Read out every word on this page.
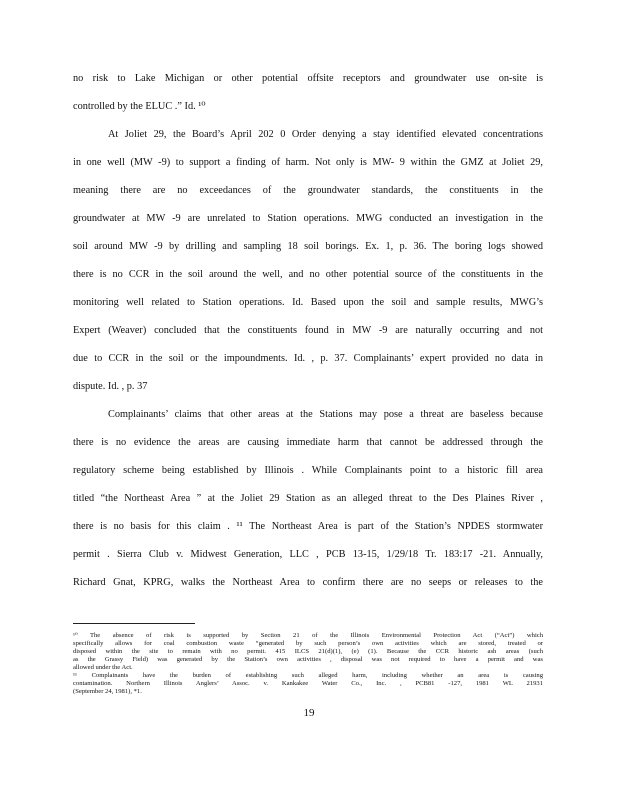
no risk to Lake Michigan or other potential offsite receptors and groundwater use on-site is
controlled by the ELUC .” Id. ¹⁰
At Joliet 29, the Board’s April 202 0 Order denying a stay identified elevated concentrations
in one well (MW -9) to support a finding of harm. Not only is MW- 9 within the GMZ at Joliet 29,
meaning there are no exceedances of the groundwater standards, the constituents in the
groundwater at MW -9 are unrelated to Station operations. MWG conducted an investigation in the
soil around MW -9 by drilling and sampling 18 soil borings. Ex. 1, p. 36. The boring logs showed
there is no CCR in the soil around the well, and no other potential source of the constituents in the
monitoring well related to Station operations. Id. Based upon the soil and sample results, MWG’s
Expert (Weaver) concluded that the constituents found in MW -9 are naturally occurring and not
due to CCR in the soil or the impoundments. Id. , p. 37. Complainants’ expert provided no data in
dispute. Id. , p. 37
Complainants’ claims that other areas at the Stations may pose a threat are baseless because
there is no evidence the areas are causing immediate harm that cannot be addressed through the
regulatory scheme being established by Illinois . While Complainants point to a historic fill area
titled “the Northeast Area ” at the Joliet 29 Station as an alleged threat to the Des Plaines River ,
there is no basis for this claim . ¹¹ The Northeast Area is part of the Station’s NPDES stormwater
permit . Sierra Club v. Midwest Generation, LLC , PCB 13-15, 1/29/18 Tr. 183:17 -21. Annually,
Richard Gnat, KPRG, walks the Northeast Area to confirm there are no seeps or releases to the
¹⁰ The absence of risk is supported by Section 21 of the Illinois Environmental Protection Act (“Act”) which
specifically allows for coal combustion waste “generated by such person’s own activities which are stored, treated or
disposed within the site to remain with no permit. 415 ILCS 21(d)(1), (e) (1). Because the CCR historic ash areas (such
as the Grassy Field) was generated by the Station’s own activities , disposal was not required to have a permit and was
allowed under the Act.
¹¹ Complainants have the burden of establishing such alleged harm, including whether an area is causing
contamination. Northern Illinois Anglers’ Assoc. v. Kankakee Water Co., Inc. , PCB81 -127, 1981 WL 21931
(September 24, 1981), *1.
19
